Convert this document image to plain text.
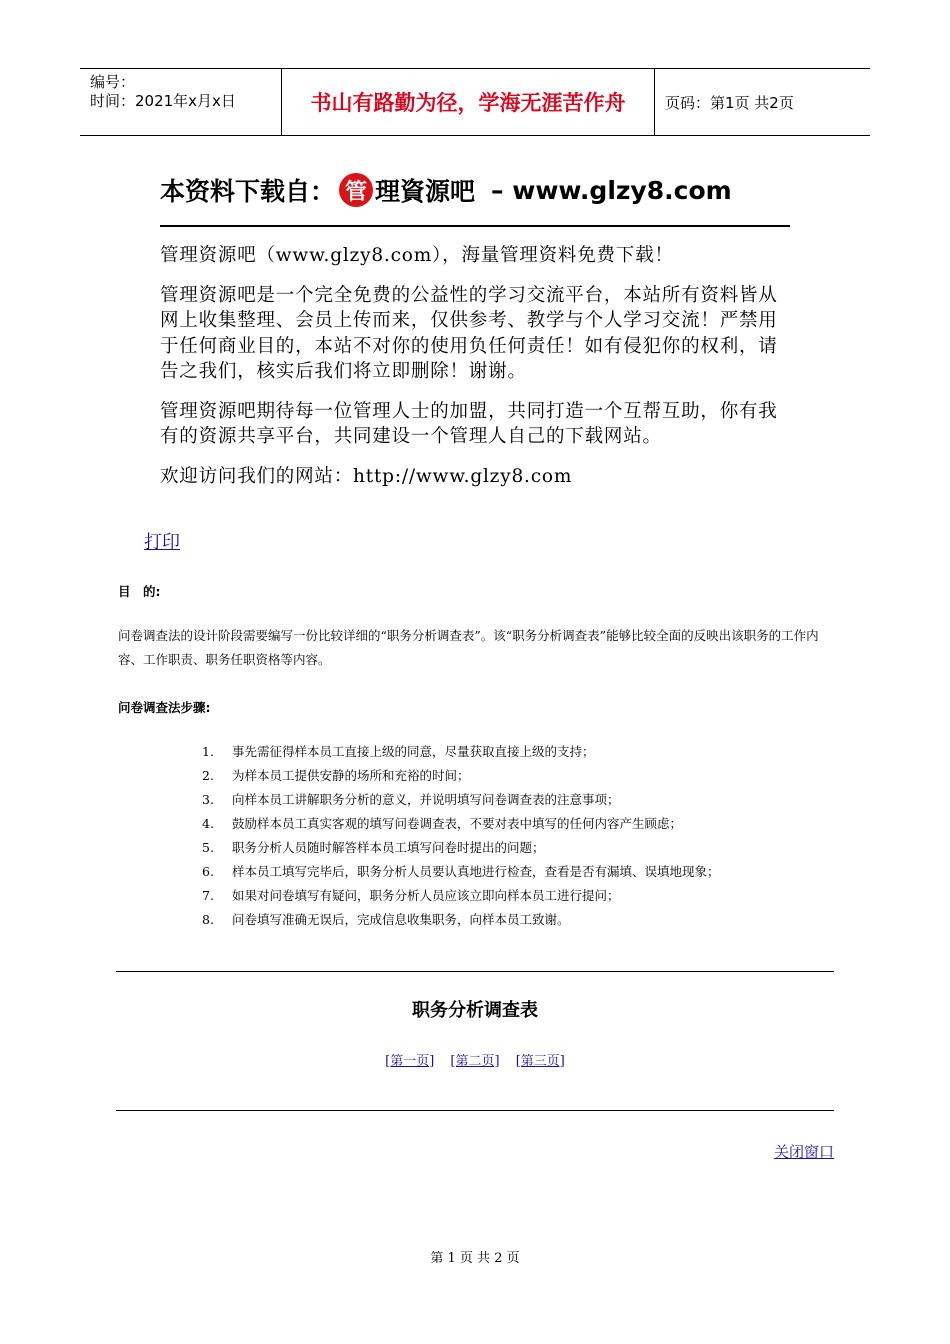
编号：
时间：2021年x月x日	书山有路勤为径，学海无涯苦作舟	页码：第1页 共2页
本资料下载自： 管 理資源吧 – www.glzy8.com

管理资源吧（www.glzy8.com），海量管理资料免费下载！

管理资源吧是一个完全免费的公益性的学习交流平台，本站所有资料皆从网上收集整理、会员上传而来，仅供参考、教学与个人学习交流！严禁用于任何商业目的，本站不对你的使用负任何责任！如有侵犯你的权利，请告之我们，核实后我们将立即删除！谢谢。

管理资源吧期待每一位管理人士的加盟，共同打造一个互帮互助，你有我有的资源共享平台，共同建设一个管理人自己的下载网站。

欢迎访问我们的网站：http://www.glzy8.com

打印
目　的:
问卷调查法的设计阶段需要编写一份比较详细的“职务分析调查表”。该“职务分析调查表”能够比较全面的反映出该职务的工作内容、工作职责、职务任职资格等内容。
问卷调查法步骤:
1.	事先需征得样本员工直接上级的同意，尽量获取直接上级的支持；
2.	为样本员工提供安静的场所和充裕的时间；
3.	向样本员工讲解职务分析的意义，并说明填写问卷调查表的注意事项；
4.	鼓励样本员工真实客观的填写问卷调查表，不要对表中填写的任何内容产生顾虑；
5.	职务分析人员随时解答样本员工填写问卷时提出的问题；
6.	样本员工填写完毕后，职务分析人员要认真地进行检查，查看是否有漏填、误填地现象；
7.	如果对问卷填写有疑问，职务分析人员应该立即向样本员工进行提问；
8.	问卷填写准确无误后，完成信息收集职务，向样本员工致谢。
职务分析调查表
[第一页] [第二页] [第三页]
关闭窗口
第 1 页 共 2 页
